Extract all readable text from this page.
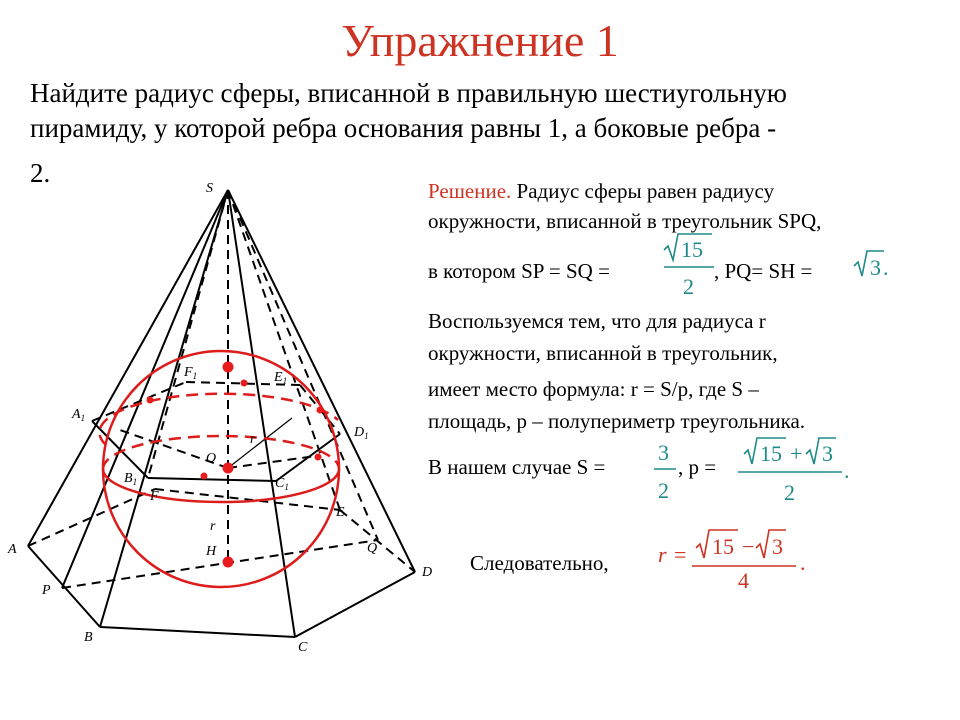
Упражнение 1
Найдите радиус сферы, вписанной в правильную шестиугольную
пирамиду, у которой ребра основания равны 1, а боковые ребра -
2.
S
A
B
C
D
E
F
P
Q
O
H
r
r
$A_1$
$B_1$	$C_1$
$D_1$
$E_1$
$F_1$
Решение. Радиус сферы равен радиусу
окружности, вписанной в треугольник SPQ,
в котором SP = SQ =
15
2
, PQ= SH =	3 .
Воспользуемся тем, что для радиуса r
окружности, вписанной в треугольник,
имеет место формула: r = S/p, где S –
площадь, p – полупериметр треугольника.
В нашем случае S =
3
2
, p =
15 + 3
.
2
Следовательно, r = 15 − 3
.
4
